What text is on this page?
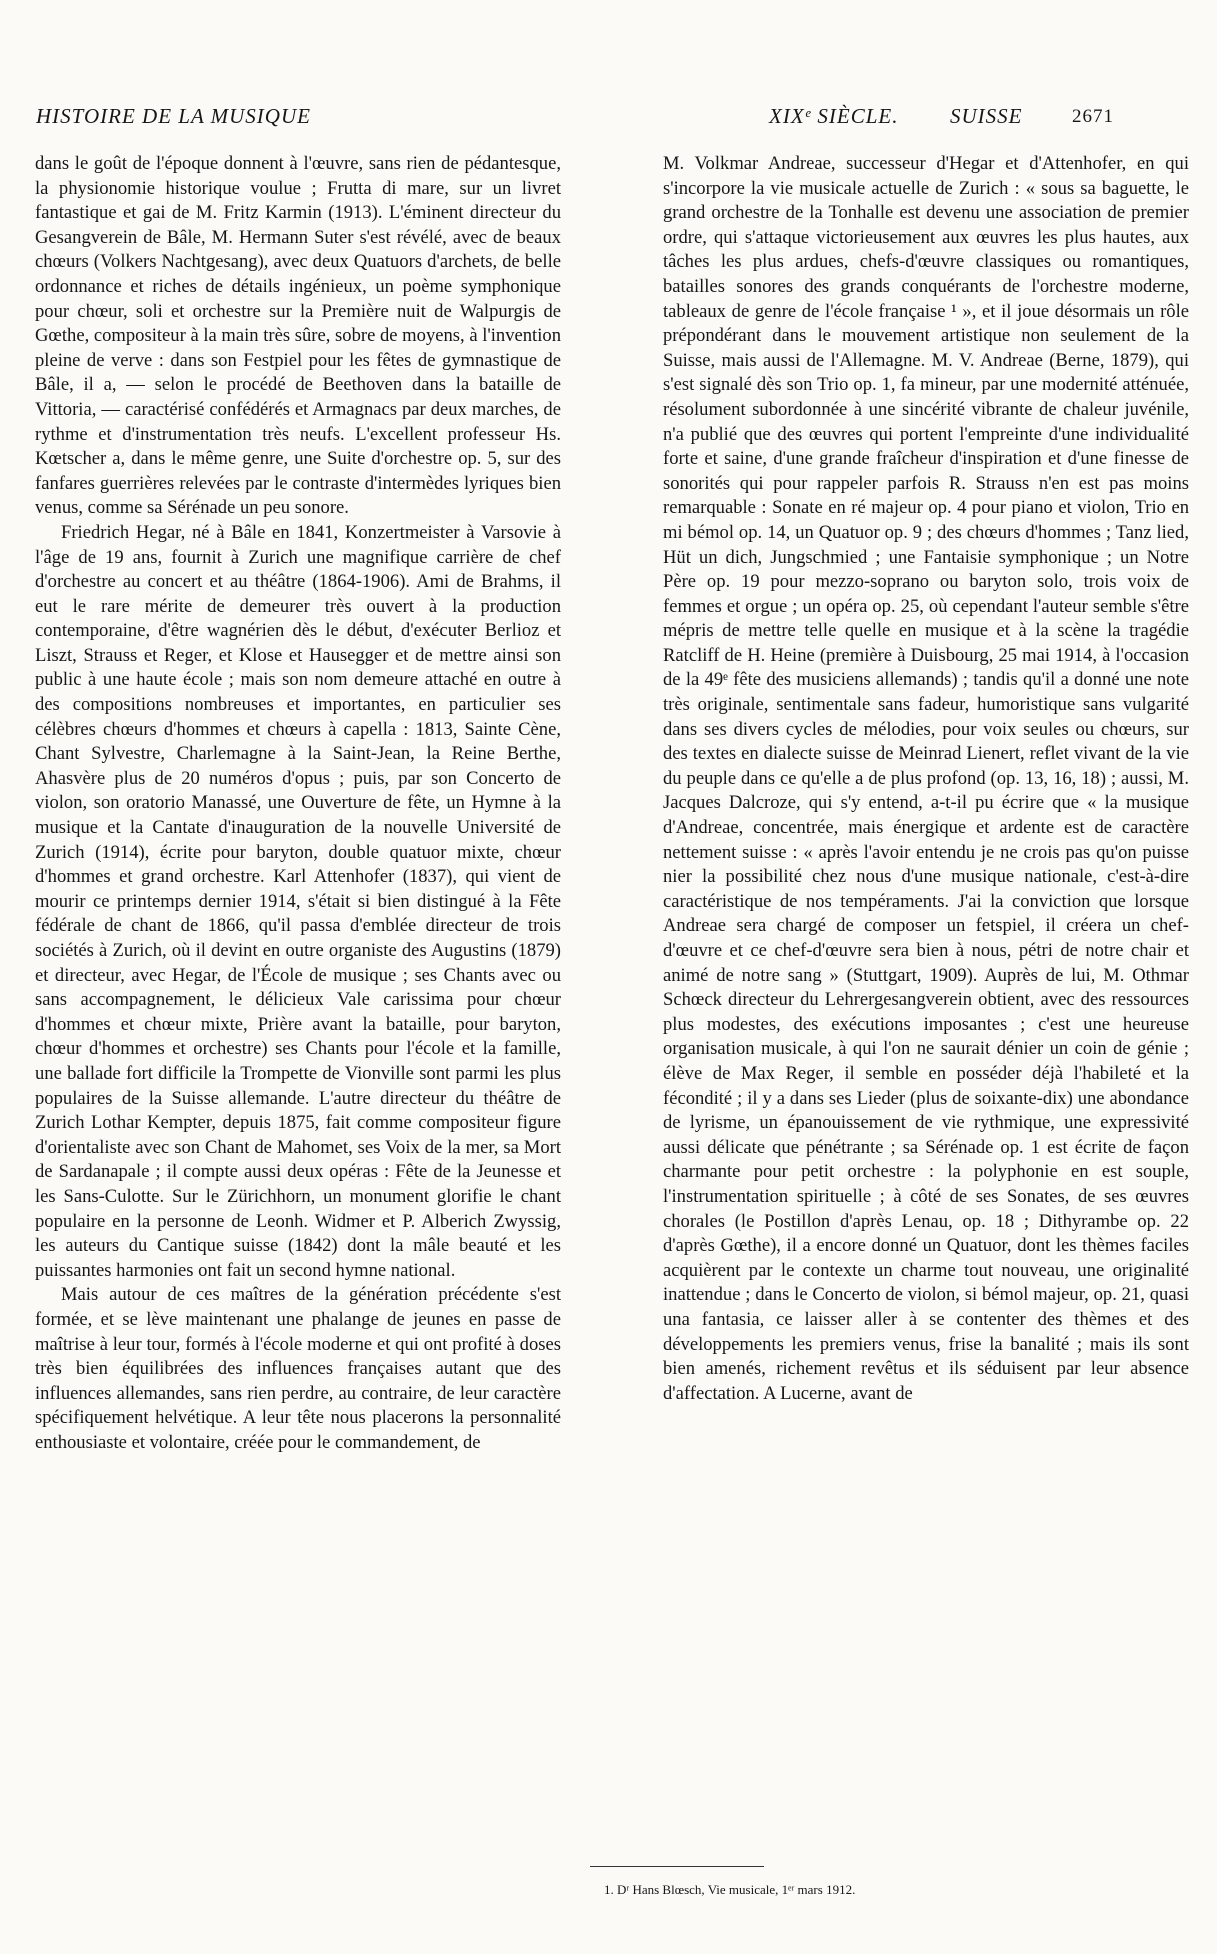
HISTOIRE DE LA MUSIQUE	XIXᵉ SIÈCLE. SUISSE	2671

dans le goût de l'époque donnent à l'œuvre, sans rien de pédantesque, la physionomie historique voulue ; Frutta di mare, sur un livret fantastique et gai de M. Fritz Karmin (1913). L'éminent directeur du Gesangverein de Bâle, M. Hermann Suter s'est révélé, avec de beaux chœurs (Volkers Nachtgesang), avec deux Quatuors d'archets, de belle ordonnance et riches de détails ingénieux, un poème symphonique pour chœur, soli et orchestre sur la Première nuit de Walpurgis de Gœthe, compositeur à la main très sûre, sobre de moyens, à l'invention pleine de verve : dans son Festpiel pour les fêtes de gymnastique de Bâle, il a, — selon le procédé de Beethoven dans la bataille de Vittoria, — caractérisé confédérés et Armagnacs par deux marches, de rythme et d'instrumentation très neufs. L'excellent professeur Hs. Kœtscher a, dans le même genre, une Suite d'orchestre op. 5, sur des fanfares guerrières relevées par le contraste d'intermèdes lyriques bien venus, comme sa Sérénade un peu sonore.

Friedrich Hegar, né à Bâle en 1841, Konzertmeister à Varsovie à l'âge de 19 ans, fournit à Zurich une magnifique carrière de chef d'orchestre au concert et au théâtre (1864-1906). Ami de Brahms, il eut le rare mérite de demeurer très ouvert à la production contemporaine, d'être wagnérien dès le début, d'exécuter Berlioz et Liszt, Strauss et Reger, et Klose et Hausegger et de mettre ainsi son public à une haute école ; mais son nom demeure attaché en outre à des compositions nombreuses et importantes, en particulier ses célèbres chœurs d'hommes et chœurs à capella : 1813, Sainte Cène, Chant Sylvestre, Charlemagne à la Saint-Jean, la Reine Berthe, Ahasvère plus de 20 numéros d'opus ; puis, par son Concerto de violon, son oratorio Manassé, une Ouverture de fête, un Hymne à la musique et la Cantate d'inauguration de la nouvelle Université de Zurich (1914), écrite pour baryton, double quatuor mixte, chœur d'hommes et grand orchestre. Karl Attenhofer (1837), qui vient de mourir ce printemps dernier 1914, s'était si bien distingué à la Fête fédérale de chant de 1866, qu'il passa d'emblée directeur de trois sociétés à Zurich, où il devint en outre organiste des Augustins (1879) et directeur, avec Hegar, de l'École de musique ; ses Chants avec ou sans accompagnement, le délicieux Vale carissima pour chœur d'hommes et chœur mixte, Prière avant la bataille, pour baryton, chœur d'hommes et orchestre) ses Chants pour l'école et la famille, une ballade fort difficile la Trompette de Vionville sont parmi les plus populaires de la Suisse allemande. L'autre directeur du théâtre de Zurich Lothar Kempter, depuis 1875, fait comme compositeur figure d'orientaliste avec son Chant de Mahomet, ses Voix de la mer, sa Mort de Sardanapale ; il compte aussi deux opéras : Fête de la Jeunesse et les Sans-Culotte. Sur le Zürichhorn, un monument glorifie le chant populaire en la personne de Leonh. Widmer et P. Alberich Zwyssig, les auteurs du Cantique suisse (1842) dont la mâle beauté et les puissantes harmonies ont fait un second hymne national.

Mais autour de ces maîtres de la génération précédente s'est formée, et se lève maintenant une phalange de jeunes en passe de maîtrise à leur tour, formés à l'école moderne et qui ont profité à doses très bien équilibrées des influences françaises autant que des influences allemandes, sans rien perdre, au contraire, de leur caractère spécifiquement helvétique. A leur tête nous placerons la personnalité enthousiaste et volontaire, créée pour le commandement, de

M. Volkmar Andreae, successeur d'Hegar et d'Attenhofer, en qui s'incorpore la vie musicale actuelle de Zurich : « sous sa baguette, le grand orchestre de la Tonhalle est devenu une association de premier ordre, qui s'attaque victorieusement aux œuvres les plus hautes, aux tâches les plus ardues, chefs-d'œuvre classiques ou romantiques, batailles sonores des grands conquérants de l'orchestre moderne, tableaux de genre de l'école française ¹ », et il joue désormais un rôle prépondérant dans le mouvement artistique non seulement de la Suisse, mais aussi de l'Allemagne. M. V. Andreae (Berne, 1879), qui s'est signalé dès son Trio op. 1, fa mineur, par une modernité atténuée, résolument subordonnée à une sincérité vibrante de chaleur juvénile, n'a publié que des œuvres qui portent l'empreinte d'une individualité forte et saine, d'une grande fraîcheur d'inspiration et d'une finesse de sonorités qui pour rappeler parfois R. Strauss n'en est pas moins remarquable : Sonate en ré majeur op. 4 pour piano et violon, Trio en mi bémol op. 14, un Quatuor op. 9 ; des chœurs d'hommes ; Tanz lied, Hüt un dich, Jungschmied ; une Fantaisie symphonique ; un Notre Père op. 19 pour mezzo-soprano ou baryton solo, trois voix de femmes et orgue ; un opéra op. 25, où cependant l'auteur semble s'être mépris de mettre telle quelle en musique et à la scène la tragédie Ratcliff de H. Heine (première à Duisbourg, 25 mai 1914, à l'occasion de la 49ᵉ fête des musiciens allemands) ; tandis qu'il a donné une note très originale, sentimentale sans fadeur, humoristique sans vulgarité dans ses divers cycles de mélodies, pour voix seules ou chœurs, sur des textes en dialecte suisse de Meinrad Lienert, reflet vivant de la vie du peuple dans ce qu'elle a de plus profond (op. 13, 16, 18) ; aussi, M. Jacques Dalcroze, qui s'y entend, a-t-il pu écrire que « la musique d'Andreae, concentrée, mais énergique et ardente est de caractère nettement suisse : « après l'avoir entendu je ne crois pas qu'on puisse nier la possibilité chez nous d'une musique nationale, c'est-à-dire caractéristique de nos tempéraments. J'ai la conviction que lorsque Andreae sera chargé de composer un fetspiel, il créera un chef-d'œuvre et ce chef-d'œuvre sera bien à nous, pétri de notre chair et animé de notre sang » (Stuttgart, 1909). Auprès de lui, M. Othmar Schœck directeur du Lehrergesangverein obtient, avec des ressources plus modestes, des exécutions imposantes ; c'est une heureuse organisation musicale, à qui l'on ne saurait dénier un coin de génie ; élève de Max Reger, il semble en posséder déjà l'habileté et la fécondité ; il y a dans ses Lieder (plus de soixante-dix) une abondance de lyrisme, un épanouissement de vie rythmique, une expressivité aussi délicate que pénétrante ; sa Sérénade op. 1 est écrite de façon charmante pour petit orchestre : la polyphonie en est souple, l'instrumentation spirituelle ; à côté de ses Sonates, de ses œuvres chorales (le Postillon d'après Lenau, op. 18 ; Dithyrambe op. 22 d'après Gœthe), il a encore donné un Quatuor, dont les thèmes faciles acquièrent par le contexte un charme tout nouveau, une originalité inattendue ; dans le Concerto de violon, si bémol majeur, op. 21, quasi una fantasia, ce laisser aller à se contenter des thèmes et des développements les premiers venus, frise la banalité ; mais ils sont bien amenés, richement revêtus et ils séduisent par leur absence d'affectation. A Lucerne, avant de

1. Dʳ Hans Blœsch, Vie musicale, 1ᵉʳ mars 1912.
